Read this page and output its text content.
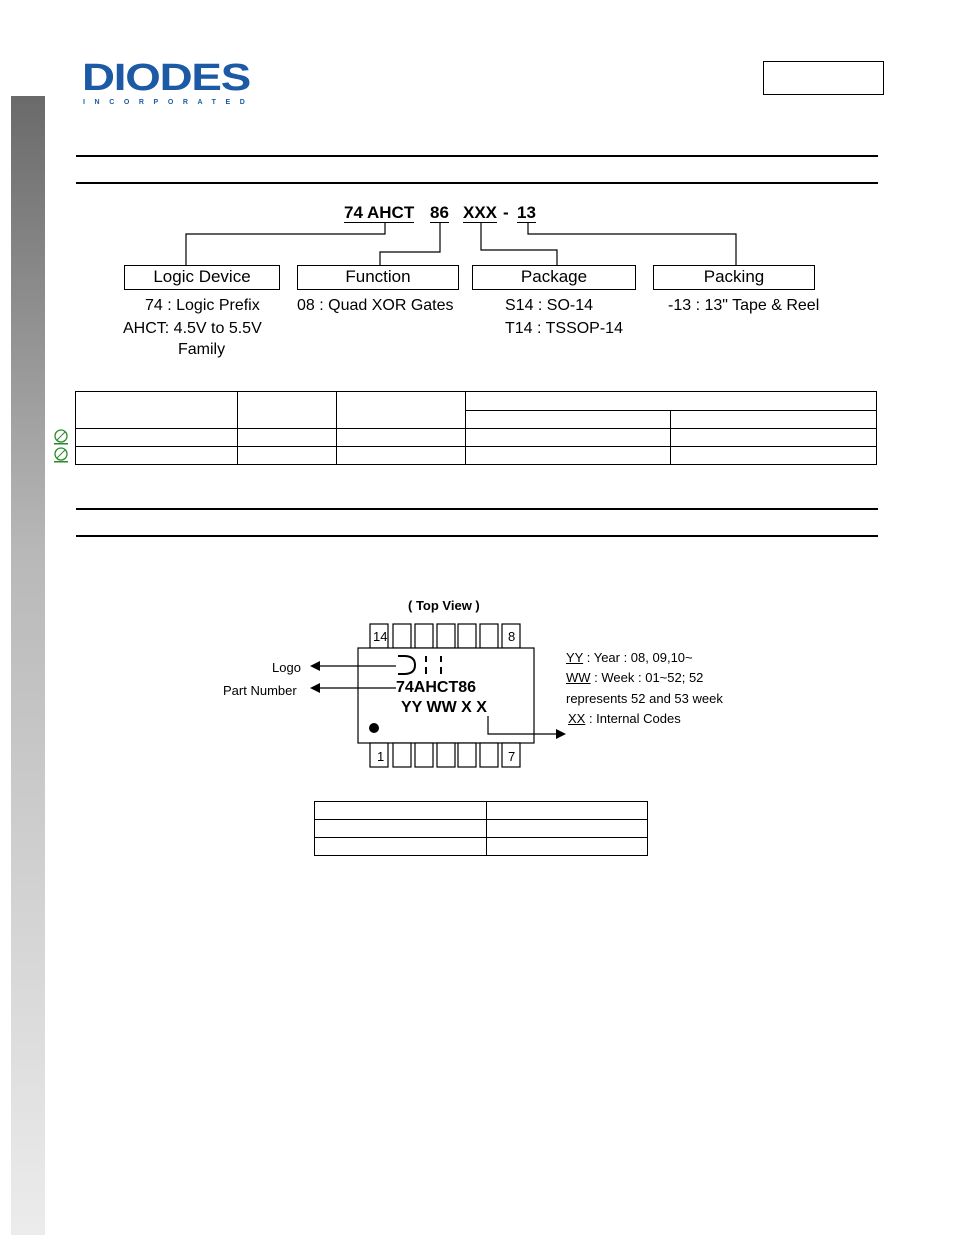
DIODES
INCORPORATED
74 AHCT 86 XXX - 13
Logic Device	Function	Package	Packing
74 : Logic Prefix
AHCT: 4.5V to 5.5V
Family
08 : Quad XOR Gates	S14 : SO-14
T14 : TSSOP-14
-13 : 13" Tape & Reel

( Top View )
14	8
1	7
74AHCT86
YY WW X X
Logo
Part Number
YY : Year : 08, 09,10~
WW : Week : 01~52; 52
represents 52 and 53 week
XX : Internal Codes
